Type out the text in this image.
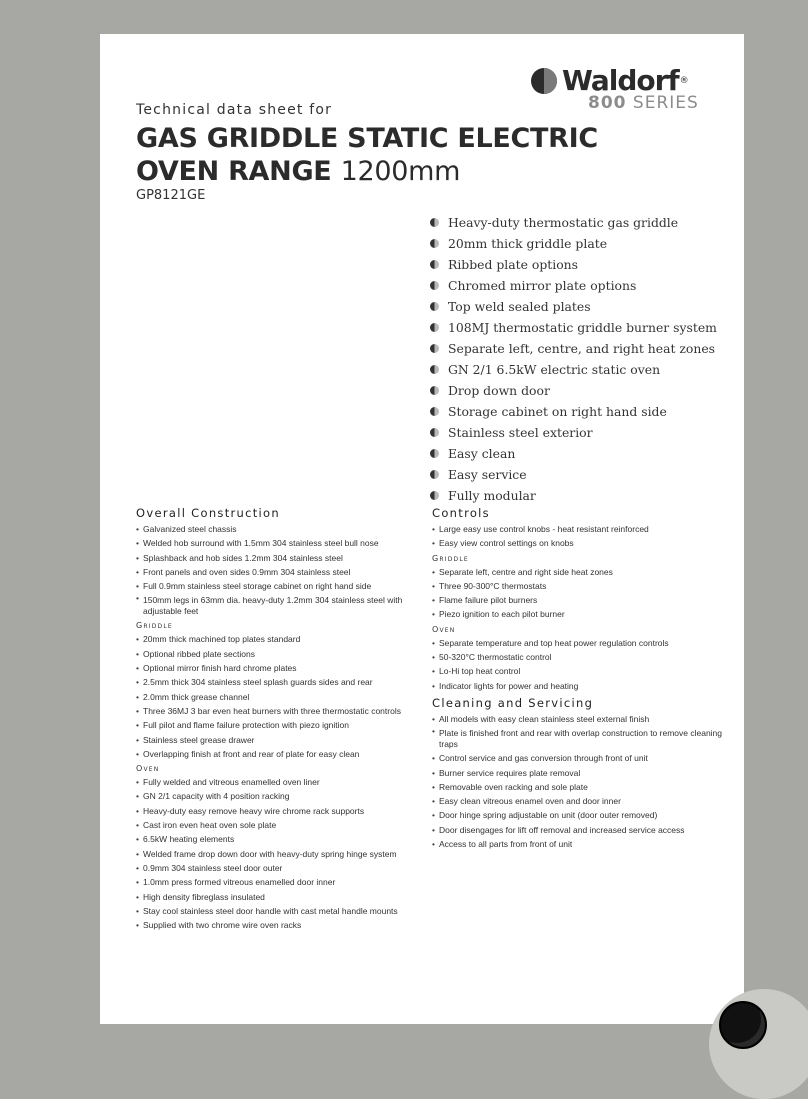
Waldorf ®
800 SERIES
Technical data sheet for
GAS GRIDDLE STATIC ELECTRIC
OVEN RANGE 1200mm
GP8121GE
Heavy-duty thermostatic gas griddle
20mm thick griddle plate
Ribbed plate options
Chromed mirror plate options
Top weld sealed plates
108MJ thermostatic griddle burner system
Separate left, centre, and right heat zones
GN 2/1 6.5kW electric static oven
Drop down door
Storage cabinet on right hand side
Stainless steel exterior
Easy clean
Easy service
Fully modular
Overall Construction
• Galvanized steel chassis
• Welded hob surround with 1.5mm 304 stainless steel bull nose
• Splashback and hob sides 1.2mm 304 stainless steel
• Front panels and oven sides 0.9mm 304 stainless steel
• Full 0.9mm stainless steel storage cabinet on right hand side
• 150mm legs in 63mm dia. heavy-duty 1.2mm 304 stainless steel with adjustable feet
Griddle
• 20mm thick machined top plates standard
• Optional ribbed plate sections
• Optional mirror finish hard chrome plates
• 2.5mm thick 304 stainless steel splash guards sides and rear
• 2.0mm thick grease channel
• Three 36MJ 3 bar even heat burners with three thermostatic controls
• Full pilot and flame failure protection with piezo ignition
• Stainless steel grease drawer
• Overlapping finish at front and rear of plate for easy clean
Oven
• Fully welded and vitreous enamelled oven liner
• GN 2/1 capacity with 4 position racking
• Heavy-duty easy remove heavy wire chrome rack supports
• Cast iron even heat oven sole plate
• 6.5kW heating elements
• Welded frame drop down door with heavy-duty spring hinge system
• 0.9mm 304 stainless steel door outer
• 1.0mm press formed vitreous enamelled door inner
• High density fibreglass insulated
• Stay cool stainless steel door handle with cast metal handle mounts
• Supplied with two chrome wire oven racks
Controls
• Large easy use control knobs - heat resistant reinforced
• Easy view control settings on knobs
Griddle
• Separate left, centre and right side heat zones
• Three 90-300°C thermostats
• Flame failure pilot burners
• Piezo ignition to each pilot burner
Oven
• Separate temperature and top heat power regulation controls
• 50-320°C thermostatic control
• Lo-Hi top heat control
• Indicator lights for power and heating
Cleaning and Servicing
• All models with easy clean stainless steel external finish
• Plate is finished front and rear with overlap construction to remove cleaning traps
• Control service and gas conversion through front of unit
• Burner service requires plate removal
• Removable oven racking and sole plate
• Easy clean vitreous enamel oven and door inner
• Door hinge spring adjustable on unit (door outer removed)
• Door disengages for lift off removal and increased service access
• Access to all parts from front of unit
